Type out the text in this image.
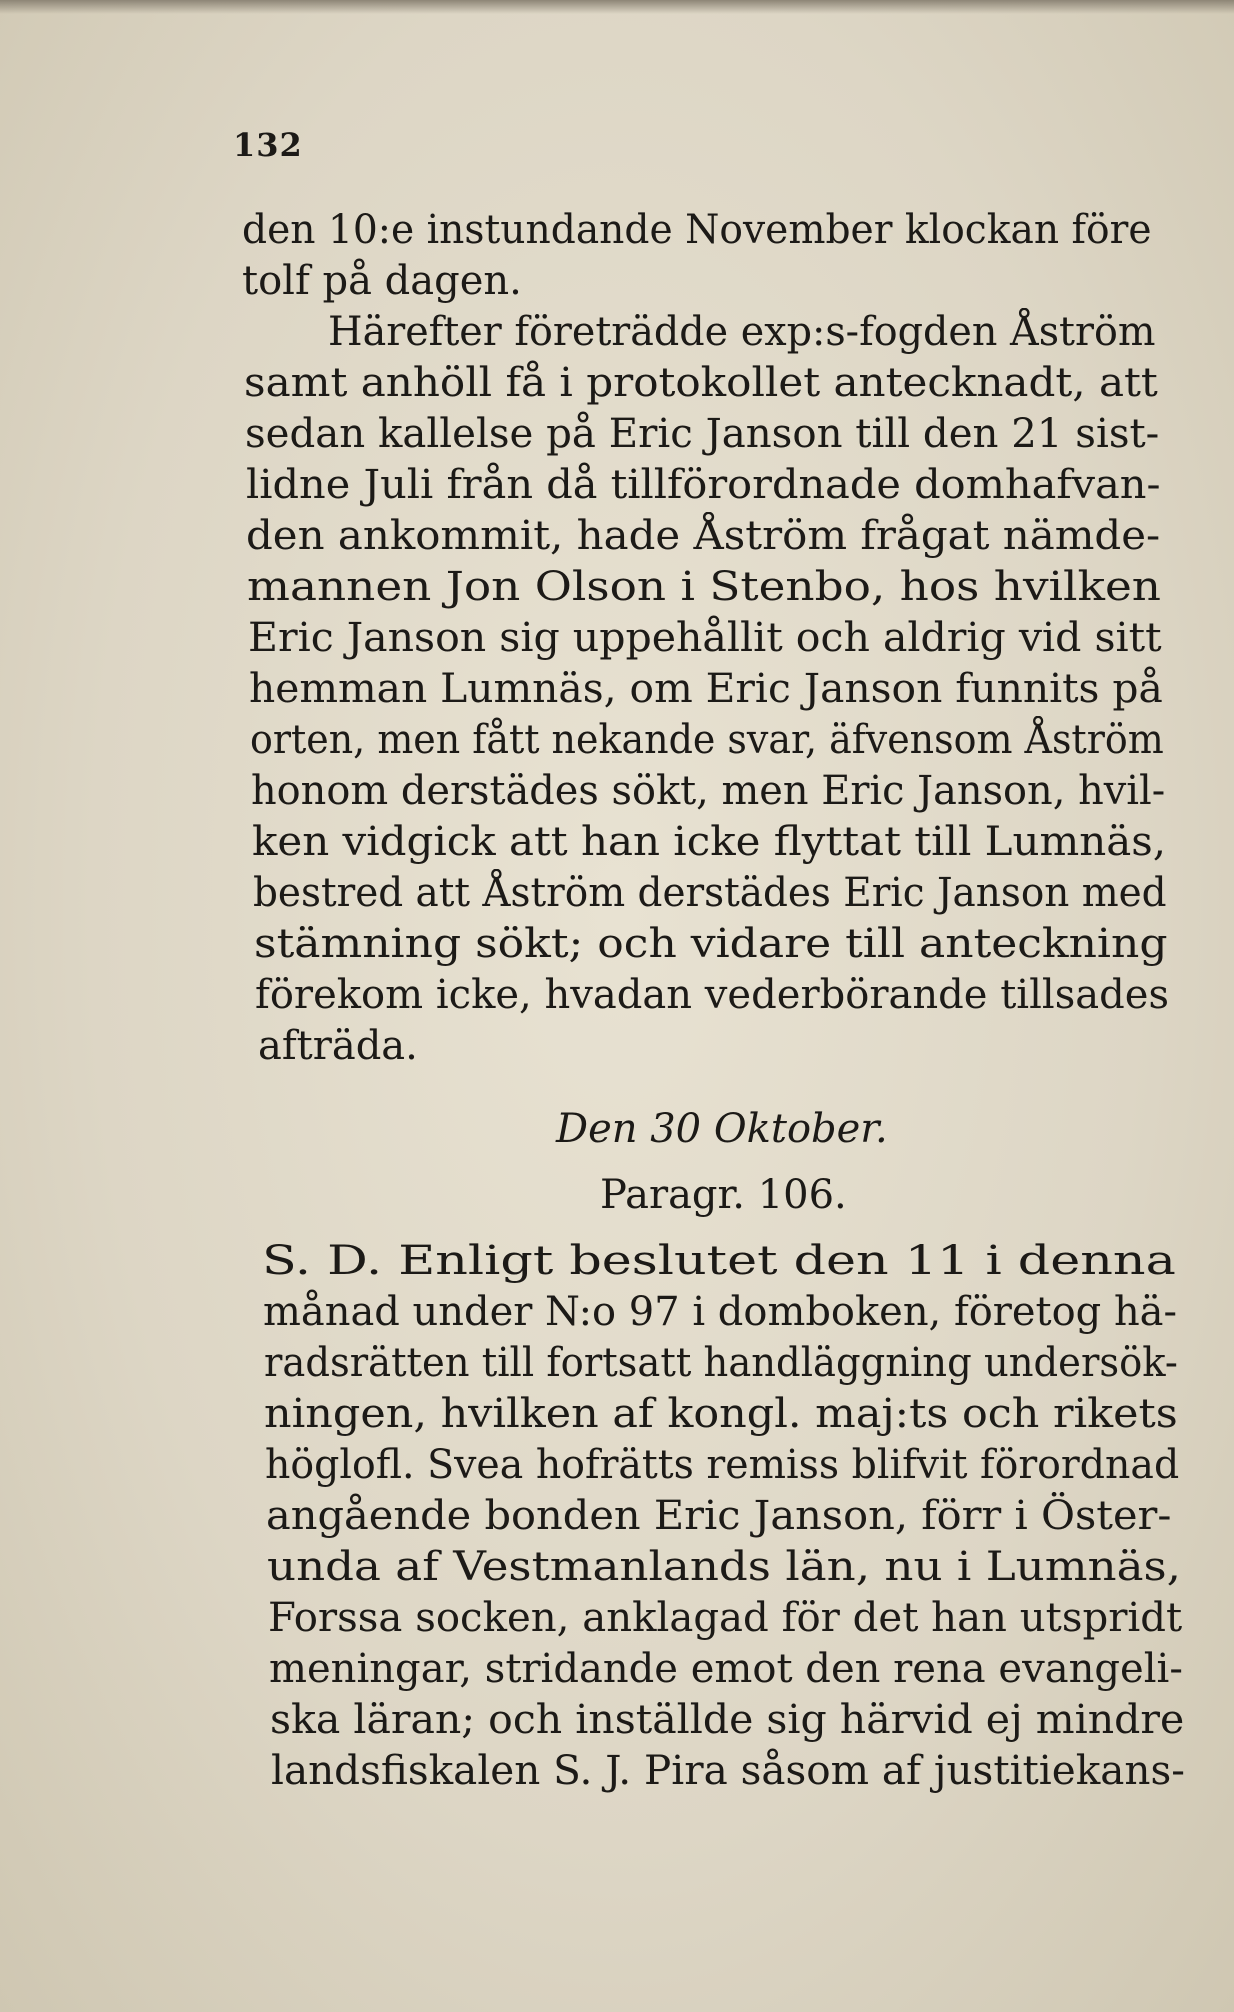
132
den 10:e instundande November klockan före
tolf på dagen.
Härefter företrädde exp:s-fogden Åström
samt anhöll få i protokollet antecknadt, att
sedan kallelse på Eric Janson till den 21 sist-
lidne Juli från då tillförordnade domhafvan-
den ankommit, hade Åström frågat nämde-
mannen Jon Olson i Stenbo, hos hvilken
Eric Janson sig uppehållit och aldrig vid sitt
hemman Lumnäs, om Eric Janson funnits på
orten, men fått nekande svar, äfvensom Åström
honom derstädes sökt, men Eric Janson, hvil-
ken vidgick att han icke flyttat till Lumnäs,
bestred att Åström derstädes Eric Janson med
stämning sökt; och vidare till anteckning
förekom icke, hvadan vederbörande tillsades
afträda.
Den 30 Oktober.
Paragr. 106.
S. D. Enligt beslutet den 11 i denna
månad under N:o 97 i domboken, företog hä-
radsrätten till fortsatt handläggning undersök-
ningen, hvilken af kongl. maj:ts och rikets
höglofl. Svea hofrätts remiss blifvit förordnad
angående bonden Eric Janson, förr i Öster-
unda af Vestmanlands län, nu i Lumnäs,
Forssa socken, anklagad för det han utspridt
meningar, stridande emot den rena evangeli-
ska läran; och inställde sig härvid ej mindre
landsfiskalen S. J. Pira såsom af justitiekans-
